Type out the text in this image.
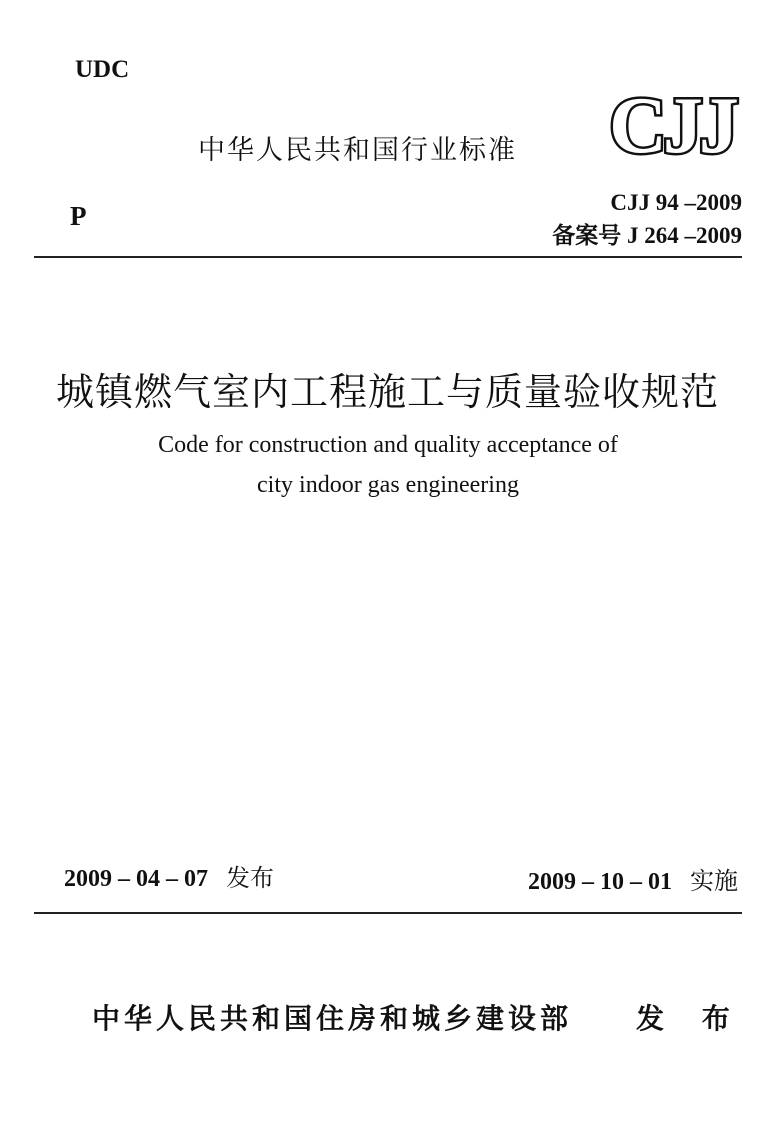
UDC
中华人民共和国行业标准 CJJ
P	CJJ 94 –2009
备案号 J 264 –2009
城镇燃气室内工程施工与质量验收规范
Code for construction and quality acceptance of
city indoor gas engineering
2009 – 04 – 07 发布	2009 – 10 – 01 实施
中华人民共和国住房和城乡建设部 发 布
